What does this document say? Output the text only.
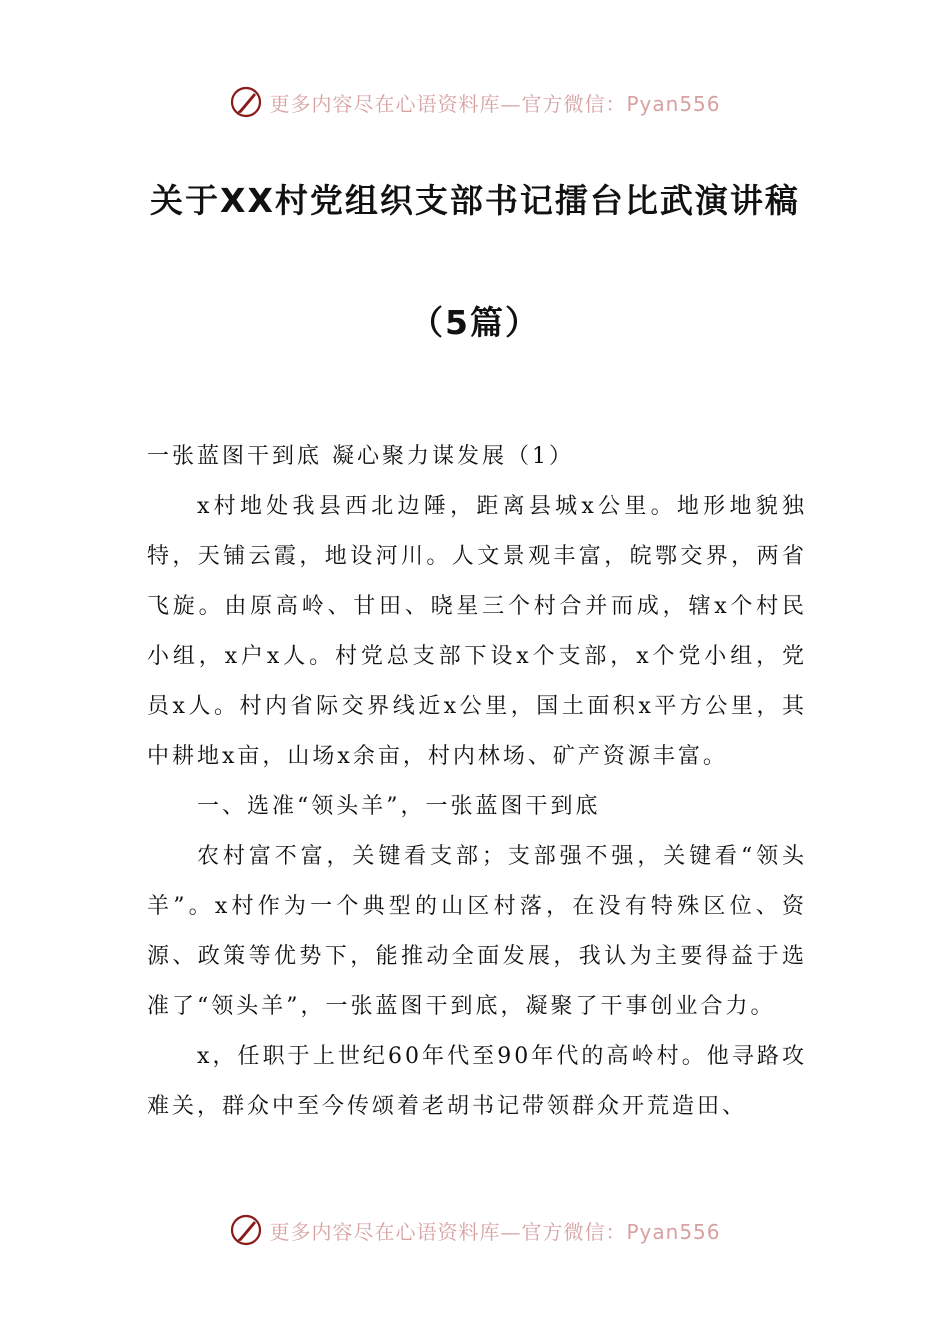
更多内容尽在心语资料库—官方微信：Pyan556
关于XX村党组织支部书记擂台比武演讲稿
（5篇）

一张蓝图干到底 凝心聚力谋发展（1）

x村地处我县西北边陲，距离县城x公里。地形地貌独特，天铺云霞，地设河川。人文景观丰富，皖鄂交界，两省飞旋。由原高岭、甘田、晓星三个村合并而成，辖x个村民小组，x户x人。村党总支部下设x个支部，x个党小组，党员x人。村内省际交界线近x公里，国土面积x平方公里，其中耕地x亩，山场x余亩，村内林场、矿产资源丰富。

一、选准“领头羊”，一张蓝图干到底

农村富不富，关键看支部；支部强不强，关键看“领头羊”。x村作为一个典型的山区村落，在没有特殊区位、资源、政策等优势下，能推动全面发展，我认为主要得益于选准了“领头羊”，一张蓝图干到底，凝聚了干事创业合力。

x，任职于上世纪60年代至90年代的高岭村。他寻路攻难关，群众中至今传颂着老胡书记带领群众开荒造田、

更多内容尽在心语资料库—官方微信：Pyan556
